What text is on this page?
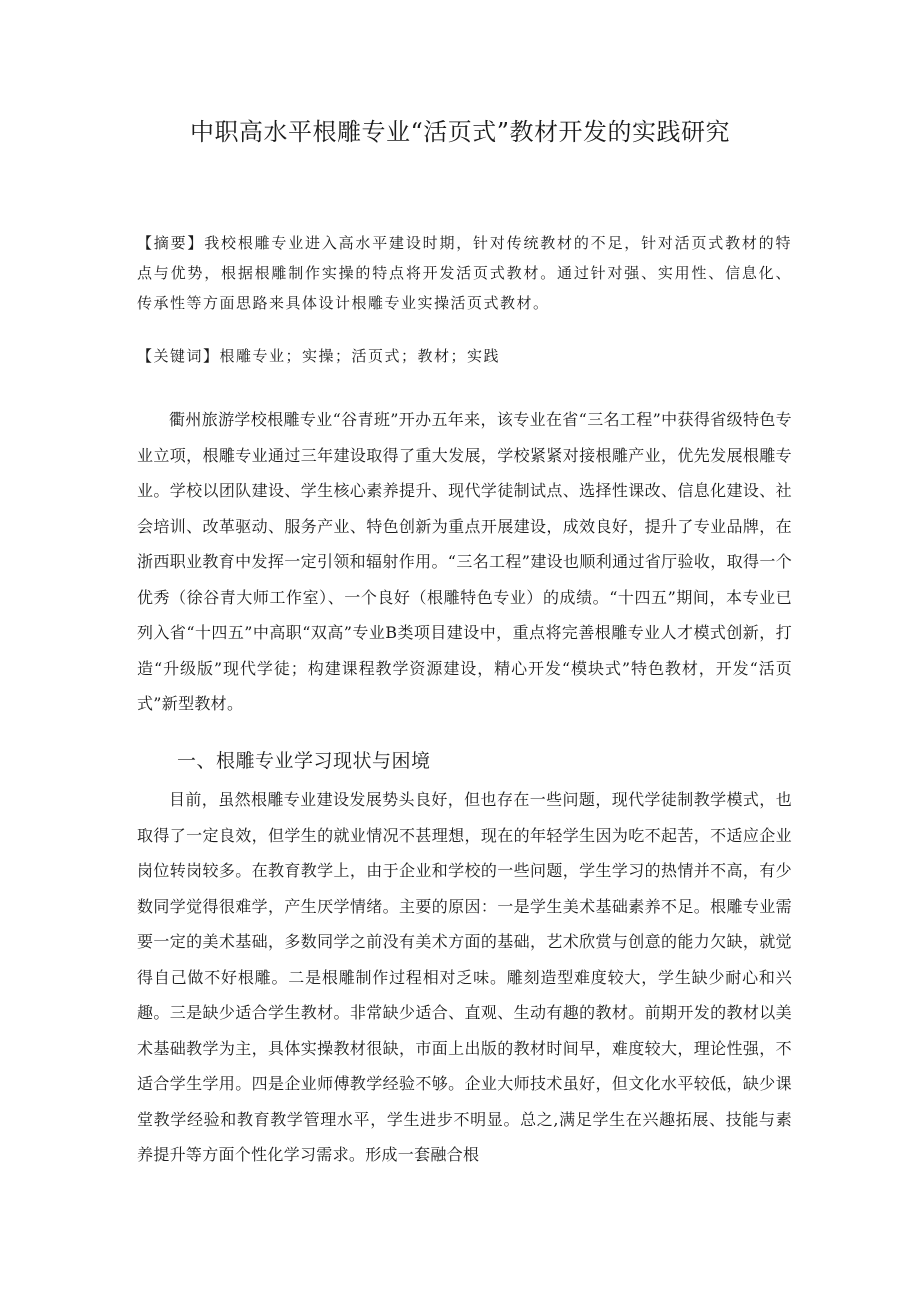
中职高水平根雕专业“活页式”教材开发的实践研究

【摘要】我校根雕专业进入高水平建设时期，针对传统教材的不足，针对活页式教材的特点与优势，根据根雕制作实操的特点将开发活页式教材。通过针对强、实用性、信息化、传承性等方面思路来具体设计根雕专业实操活页式教材。

【关键词】根雕专业；实操；活页式；教材；实践

衢州旅游学校根雕专业“谷青班”开办五年来，该专业在省“三名工程”中获得省级特色专业立项，根雕专业通过三年建设取得了重大发展，学校紧紧对接根雕产业，优先发展根雕专业。学校以团队建设、学生核心素养提升、现代学徒制试点、选择性课改、信息化建设、社会培训、改革驱动、服务产业、特色创新为重点开展建设，成效良好，提升了专业品牌，在浙西职业教育中发挥一定引领和辐射作用。“三名工程”建设也顺利通过省厅验收，取得一个优秀（徐谷青大师工作室）、一个良好（根雕特色专业）的成绩。“十四五”期间，本专业已列入省“十四五”中高职“双高”专业B类项目建设中，重点将完善根雕专业人才模式创新，打造“升级版”现代学徒；构建课程教学资源建设，精心开发“模块式”特色教材，开发“活页式”新型教材。

一、根雕专业学习现状与困境

目前，虽然根雕专业建设发展势头良好，但也存在一些问题，现代学徒制教学模式，也取得了一定良效，但学生的就业情况不甚理想，现在的年轻学生因为吃不起苦，不适应企业岗位转岗较多。在教育教学上，由于企业和学校的一些问题，学生学习的热情并不高，有少数同学觉得很难学，产生厌学情绪。主要的原因：一是学生美术基础素养不足。根雕专业需要一定的美术基础，多数同学之前没有美术方面的基础，艺术欣赏与创意的能力欠缺，就觉得自己做不好根雕。二是根雕制作过程相对乏味。雕刻造型难度较大，学生缺少耐心和兴趣。三是缺少适合学生教材。非常缺少适合、直观、生动有趣的教材。前期开发的教材以美术基础教学为主，具体实操教材很缺，市面上出版的教材时间早，难度较大，理论性强，不适合学生学用。四是企业师傅教学经验不够。企业大师技术虽好，但文化水平较低，缺少课堂教学经验和教育教学管理水平，学生进步不明显。总之,满足学生在兴趣拓展、技能与素养提升等方面个性化学习需求。形成一套融合根
